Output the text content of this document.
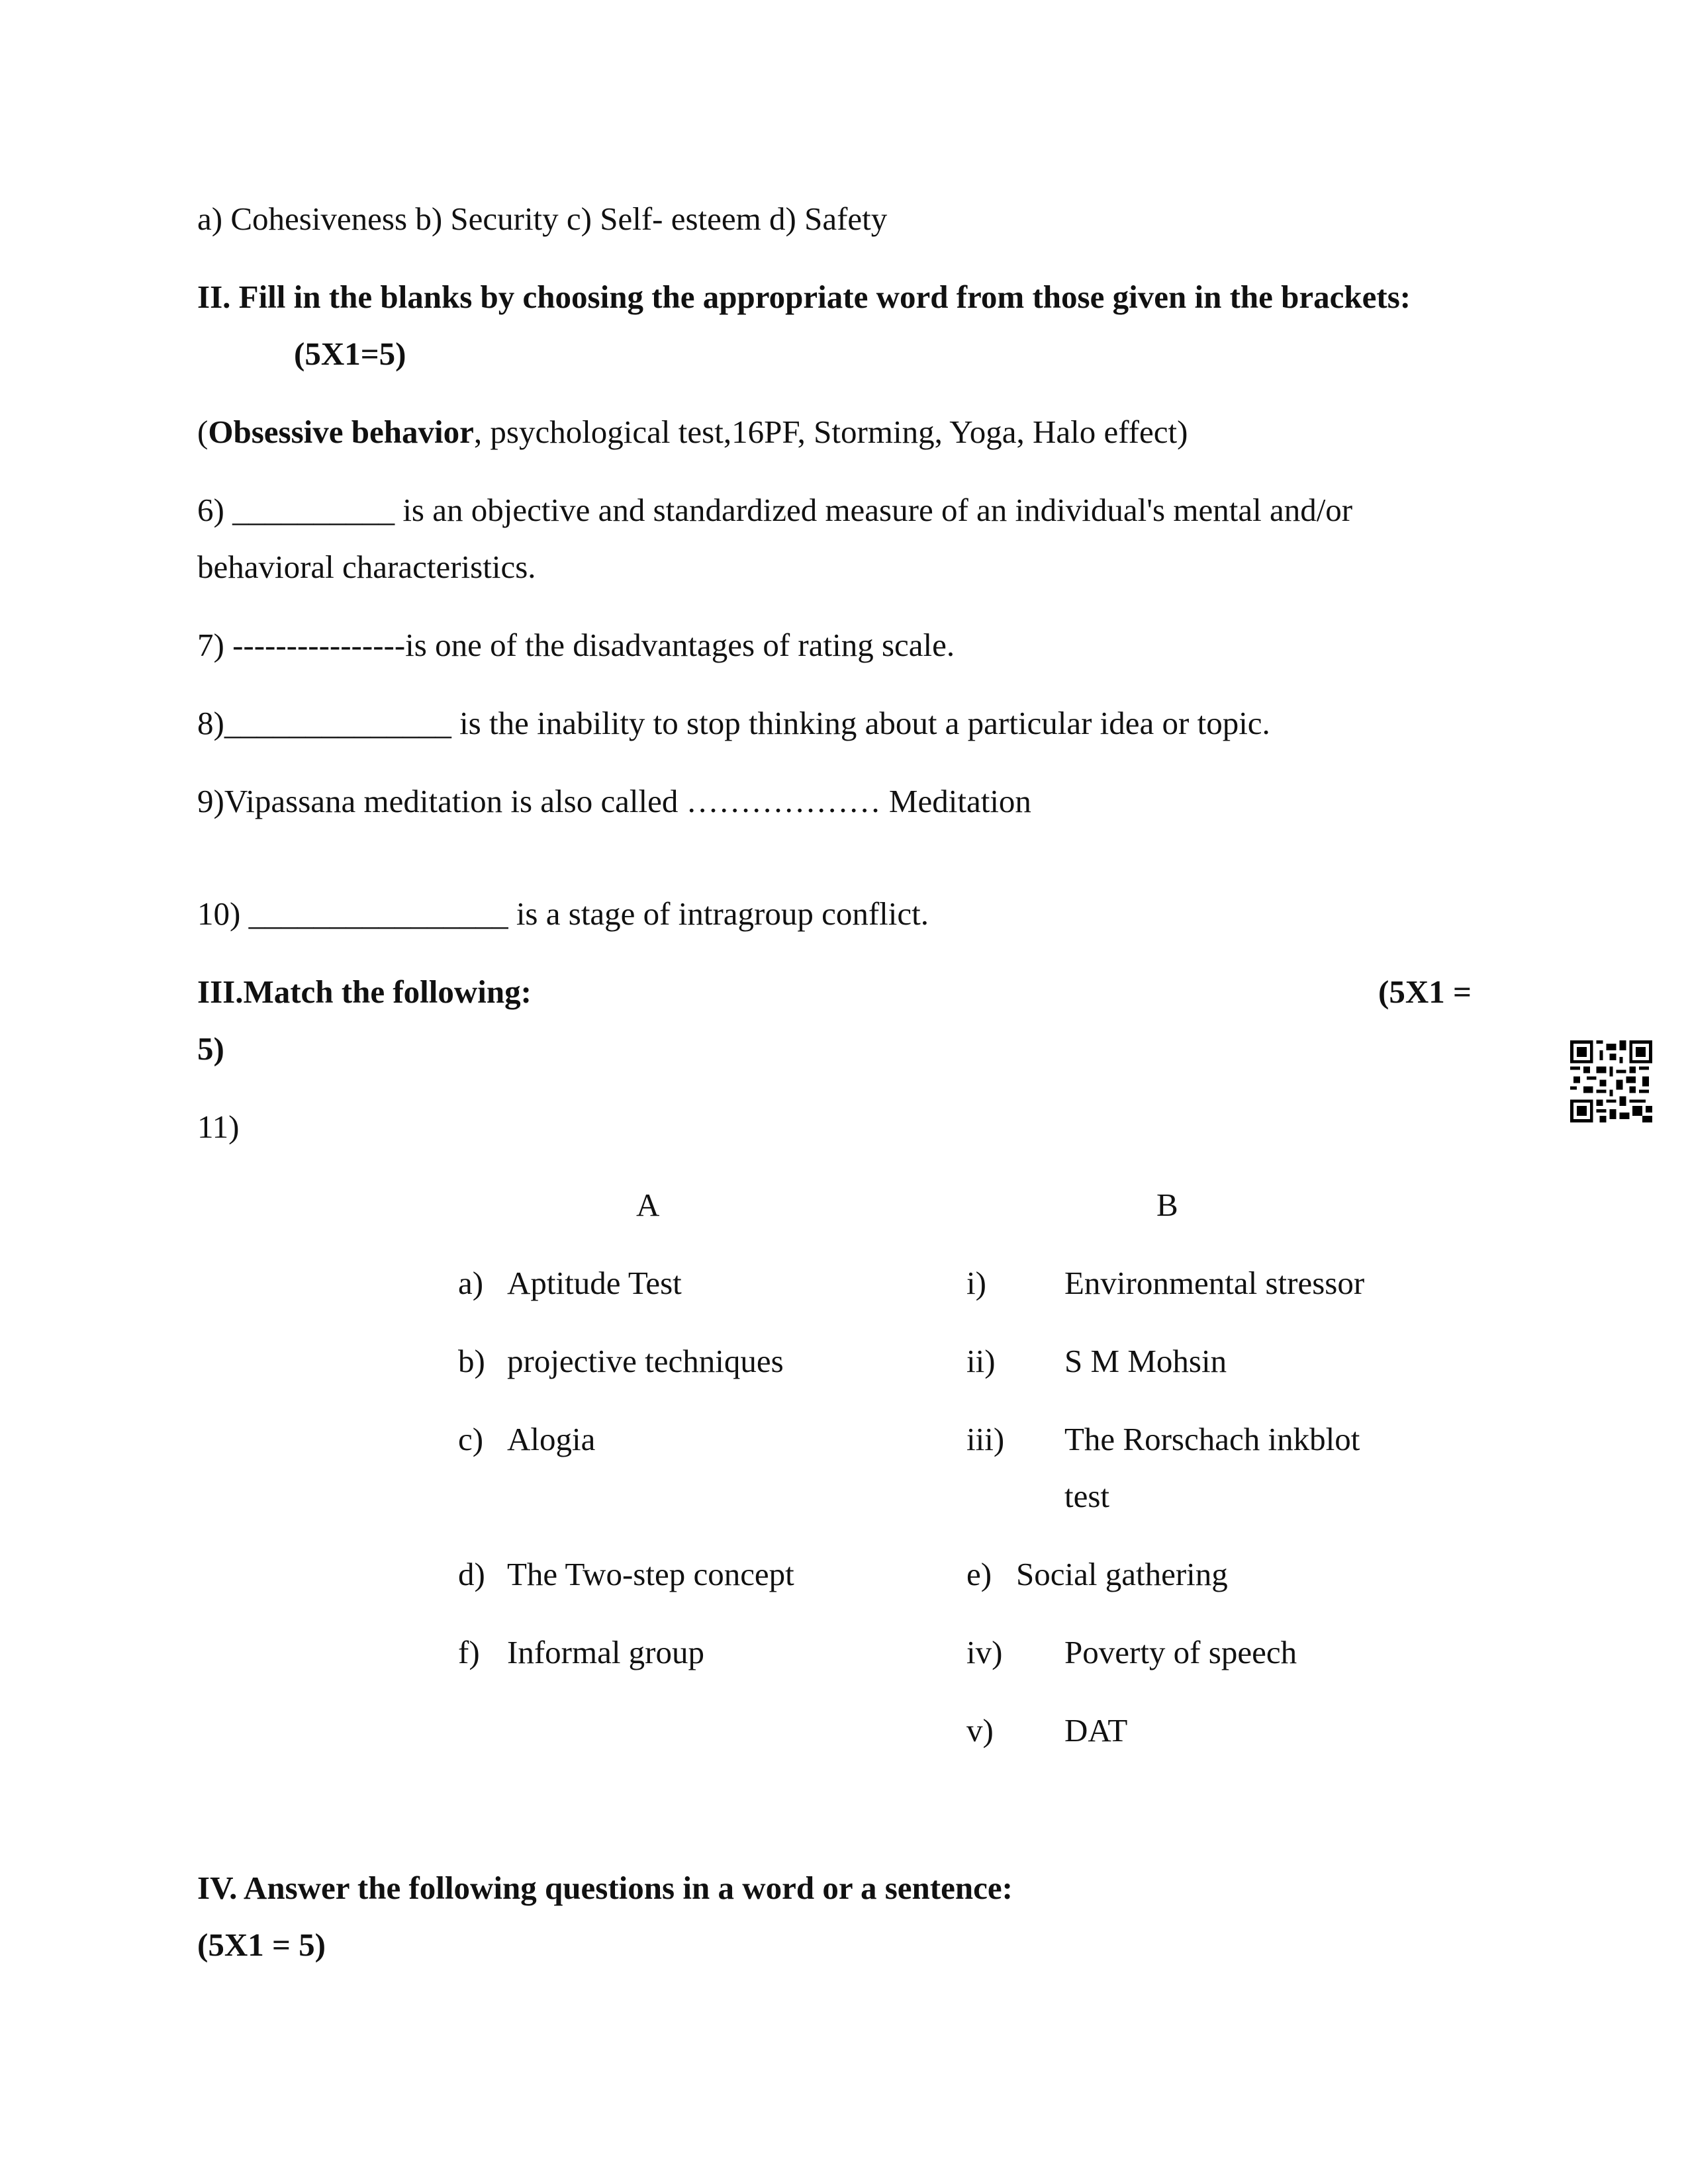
a) Cohesiveness b) Security c) Self- esteem d) Safety
II. Fill in the blanks by choosing the appropriate word from those given in the brackets:
(5X1=5)
(Obsessive behavior, psychological test,16PF, Storming, Yoga, Halo effect)
6) __________ is an objective and standardized measure of an individual's mental and/or
behavioral characteristics.
7) ----------------is one of the disadvantages of rating scale.
8)______________ is the inability to stop thinking about a particular idea or topic.
9)Vipassana meditation is also called ……………… Meditation
10) ________________ is a stage of intragroup conflict.
III.Match the following:	(5X1 =
5)
11)
A	B
a) Aptitude Test
b) projective techniques
c) Alogia
d) The Two-step concept
f) Informal group
i) Environmental stressor
ii) S M Mohsin
iii) The Rorschach inkblot
test
e) Social gathering
iv) Poverty of speech
v) DAT
IV. Answer the following questions in a word or a sentence:
(5X1 = 5)
